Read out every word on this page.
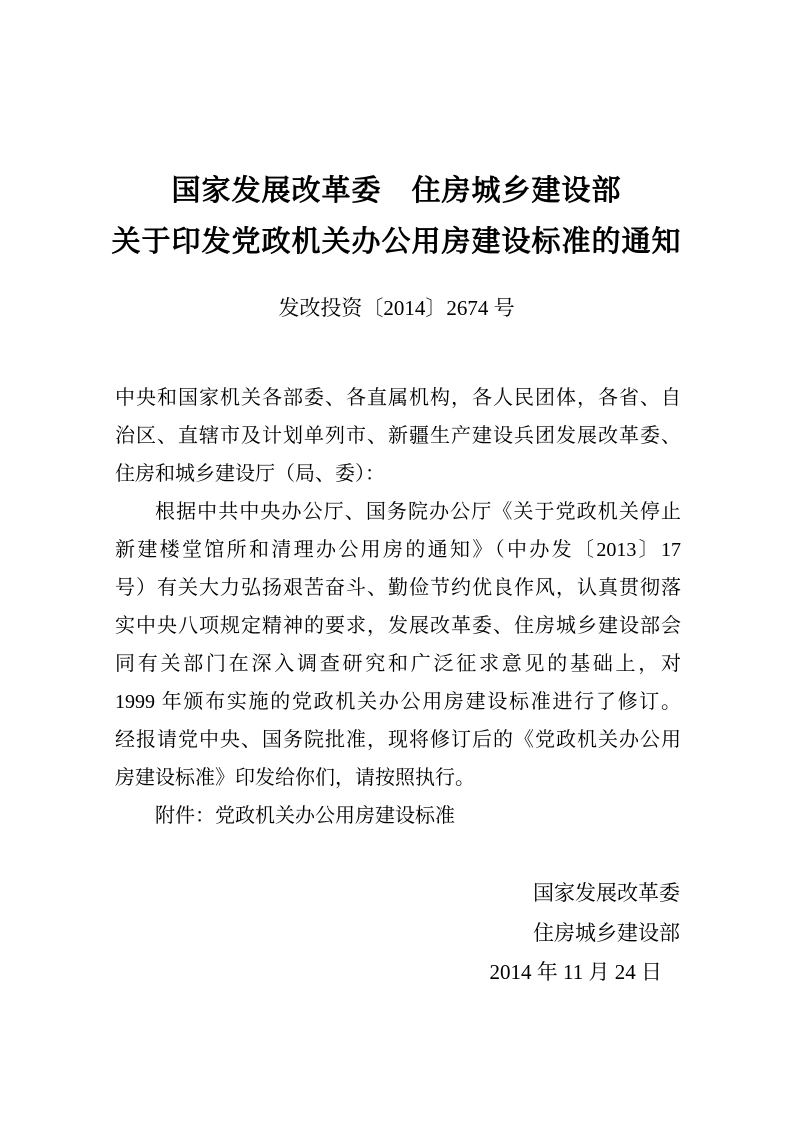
国家发展改革委　住房城乡建设部
关于印发党政机关办公用房建设标准的通知
发改投资〔2014〕2674 号
中央和国家机关各部委、各直属机构，各人民团体，各省、自
治区、直辖市及计划单列市、新疆生产建设兵团发展改革委、
住房和城乡建设厅（局、委）：
根据中共中央办公厅、国务院办公厅《关于党政机关停止
新建楼堂馆所和清理办公用房的通知》（中办发〔2013〕17
号）有关大力弘扬艰苦奋斗、勤俭节约优良作风，认真贯彻落
实中央八项规定精神的要求，发展改革委、住房城乡建设部会
同有关部门在深入调查研究和广泛征求意见的基础上，对
1999 年颁布实施的党政机关办公用房建设标准进行了修订。
经报请党中央、国务院批准，现将修订后的《党政机关办公用
房建设标准》印发给你们，请按照执行。
附件：党政机关办公用房建设标准
国家发展改革委
住房城乡建设部
2014 年 11 月 24 日
